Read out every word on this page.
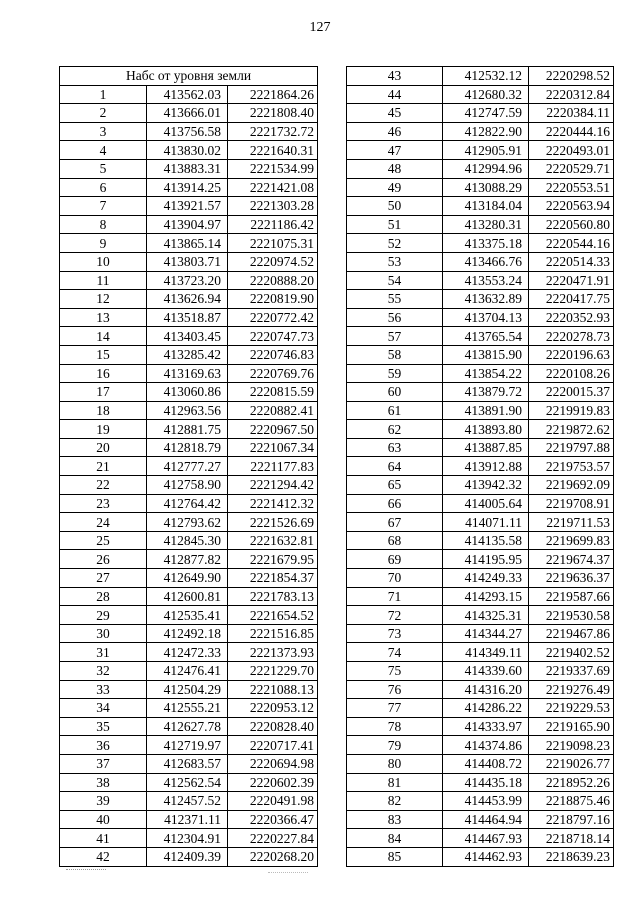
127
Набс от уровня земли		
1	413562.03	2221864.26
2	413666.01	2221808.40
3	413756.58	2221732.72
4	413830.02	2221640.31
5	413883.31	2221534.99
6	413914.25	2221421.08
7	413921.57	2221303.28
8	413904.97	2221186.42
9	413865.14	2221075.31
10	413803.71	2220974.52
11	413723.20	2220888.20
12	413626.94	2220819.90
13	413518.87	2220772.42
14	413403.45	2220747.73
15	413285.42	2220746.83
16	413169.63	2220769.76
17	413060.86	2220815.59
18	412963.56	2220882.41
19	412881.75	2220967.50
20	412818.79	2221067.34
21	412777.27	2221177.83
22	412758.90	2221294.42
23	412764.42	2221412.32
24	412793.62	2221526.69
25	412845.30	2221632.81
26	412877.82	2221679.95
27	412649.90	2221854.37
28	412600.81	2221783.13
29	412535.41	2221654.52
30	412492.18	2221516.85
31	412472.33	2221373.93
32	412476.41	2221229.70
33	412504.29	2221088.13
34	412555.21	2220953.12
35	412627.78	2220828.40
36	412719.97	2220717.41
37	412683.57	2220694.98
38	412562.54	2220602.39
39	412457.52	2220491.98
40	412371.11	2220366.47
41	412304.91	2220227.84
42	412409.39	2220268.20
43	412532.12	2220298.52
44	412680.32	2220312.84
45	412747.59	2220384.11
46	412822.90	2220444.16
47	412905.91	2220493.01
48	412994.96	2220529.71
49	413088.29	2220553.51
50	413184.04	2220563.94
51	413280.31	2220560.80
52	413375.18	2220544.16
53	413466.76	2220514.33
54	413553.24	2220471.91
55	413632.89	2220417.75
56	413704.13	2220352.93
57	413765.54	2220278.73
58	413815.90	2220196.63
59	413854.22	2220108.26
60	413879.72	2220015.37
61	413891.90	2219919.83
62	413893.80	2219872.62
63	413887.85	2219797.88
64	413912.88	2219753.57
65	413942.32	2219692.09
66	414005.64	2219708.91
67	414071.11	2219711.53
68	414135.58	2219699.83
69	414195.95	2219674.37
70	414249.33	2219636.37
71	414293.15	2219587.66
72	414325.31	2219530.58
73	414344.27	2219467.86
74	414349.11	2219402.52
75	414339.60	2219337.69
76	414316.20	2219276.49
77	414286.22	2219229.53
78	414333.97	2219165.90
79	414374.86	2219098.23
80	414408.72	2219026.77
81	414435.18	2218952.26
82	414453.99	2218875.46
83	414464.94	2218797.16
84	414467.93	2218718.14
85	414462.93	2218639.23
